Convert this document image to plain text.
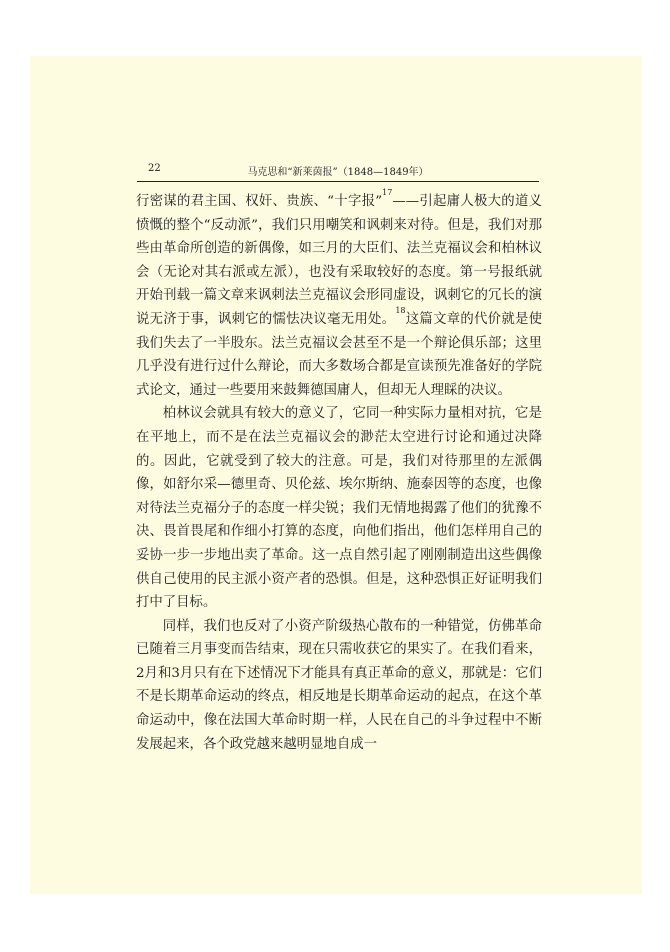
22	马克思和“新莱茵报”（1848—1849年）

行密谋的君主国、权奸、贵族、“十字报”$^{17}$——引起庸人极大的道义愤慨的整个“反动派”，我们只用嘲笑和讽刺来对待。但是，我们对那些由革命所创造的新偶像，如三月的大臣们、法兰克福议会和柏林议会（无论对其右派或左派），也没有采取较好的态度。第一号报纸就开始刊载一篇文章来讽刺法兰克福议会形同虚设，讽刺它的冗长的演说无济于事，讽刺它的懦怯决议毫无用处。$^{18}$这篇文章的代价就是使我们失去了一半股东。法兰克福议会甚至不是一个辩论俱乐部；这里几乎没有进行过什么辩论，而大多数场合都是宣读预先准备好的学院式论文，通过一些要用来鼓舞德国庸人，但却无人理睬的决议。

柏林议会就具有较大的意义了，它同一种实际力量相对抗，它是在平地上，而不是在法兰克福议会的渺茫太空进行讨论和通过决降的。因此，它就受到了较大的注意。可是，我们对待那里的左派偶像，如舒尔采—德里奇、贝伦兹、埃尔斯纳、施泰因等的态度，也像对待法兰克福分子的态度一样尖锐；我们无情地揭露了他们的犹豫不决、畏首畏尾和作细小打算的态度，向他们指出，他们怎样用自己的妥协一步一步地出卖了革命。这一点自然引起了刚刚制造出这些偶像供自己使用的民主派小资产者的恐惧。但是，这种恐惧正好证明我们打中了目标。

同样，我们也反对了小资产阶级热心散布的一种错觉，仿佛革命已随着三月事变而告结束，现在只需收获它的果实了。在我们看来，2月和3月只有在下述情况下才能具有真正革命的意义，那就是：它们不是长期革命运动的终点，相反地是长期革命运动的起点，在这个革命运动中，像在法国大革命时期一样，人民在自己的斗争过程中不断发展起来，各个政党越来越明显地自成一
